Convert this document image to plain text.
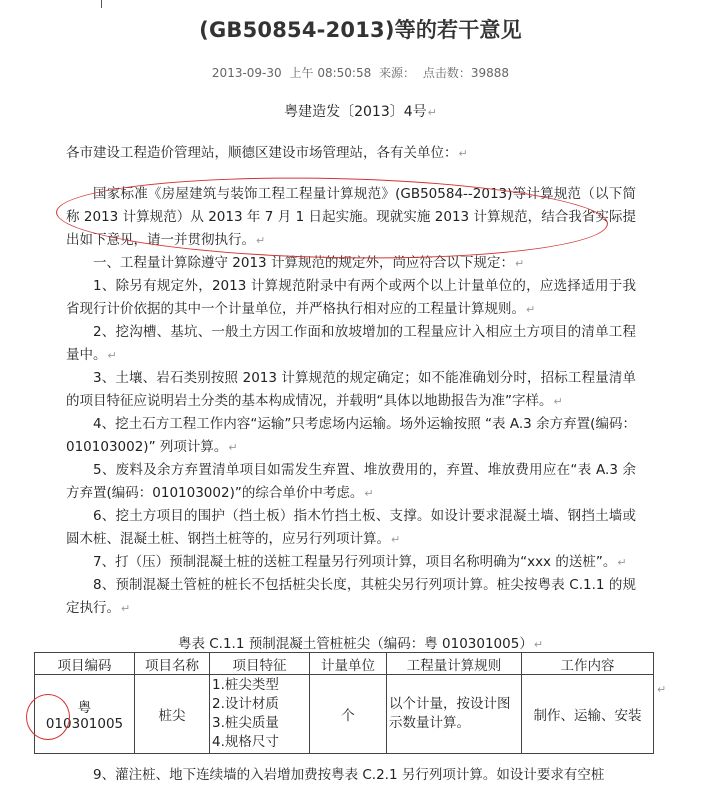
(GB50854-2013)等的若干意见
2013-09-30 上午 08:50:58 来源： 点击数：39888
粤建造发〔2013〕4号↵

各市建设工程造价管理站，顺德区建设市场管理站，各有关单位：↵

国家标准《房屋建筑与装饰工程工程量计算规范》(GB50584--2013)等计算规范（以下简称 2013 计算规范）从 2013 年 7 月 1 日起实施。现就实施 2013 计算规范，结合我省实际提出如下意见，请一并贯彻执行。↵

一、工程量计算除遵守 2013 计算规范的规定外，尚应符合以下规定：↵

1、除另有规定外，2013 计算规范附录中有两个或两个以上计量单位的，应选择适用于我省现行计价依据的其中一个计量单位，并严格执行相对应的工程量计算规则。↵

2、挖沟槽、基坑、一般土方因工作面和放坡增加的工程量应计入相应土方项目的清单工程量中。↵

3、土壤、岩石类别按照 2013 计算规范的规定确定；如不能准确划分时，招标工程量清单的项目特征应说明岩土分类的基本构成情况，并载明“具体以地勘报告为准”字样。↵

4、挖土石方工程工作内容“运输”只考虑场内运输。场外运输按照 “表 A.3 余方弃置(编码：010103002)” 列项计算。↵

5、废料及余方弃置清单项目如需发生弃置、堆放费用的，弃置、堆放费用应在“表 A.3 余方弃置(编码：010103002)”的综合单价中考虑。↵

6、挖土方项目的围护（挡土板）指木竹挡土板、支撑。如设计要求混凝土墙、钢挡土墙或圆木桩、混凝土桩、钢挡土桩等的，应另行列项计算。↵

7、打（压）预制混凝土桩的送桩工程量另行列项计算，项目名称明确为“xxx 的送桩”。↵

8、预制混凝土管桩的桩长不包括桩尖长度，其桩尖另行列项计算。桩尖按粤表 C.1.1 的规定执行。↵

粤表 C.1.1 预制混凝土管桩桩尖（编码：粤 010301005）↵
项目编码	项目名称	项目特征	计量单位	工程量计算规则	工作内容
粤 010301005	桩尖	1.桩尖类型
2.设计材质
3.桩尖质量
4.规格尺寸	个	以个计量，按设计图示数量计算。	制作、运输、安装
↵
9、灌注桩、地下连续墙的入岩增加费按粤表 C.2.1 另行列项计算。如设计要求有空桩
